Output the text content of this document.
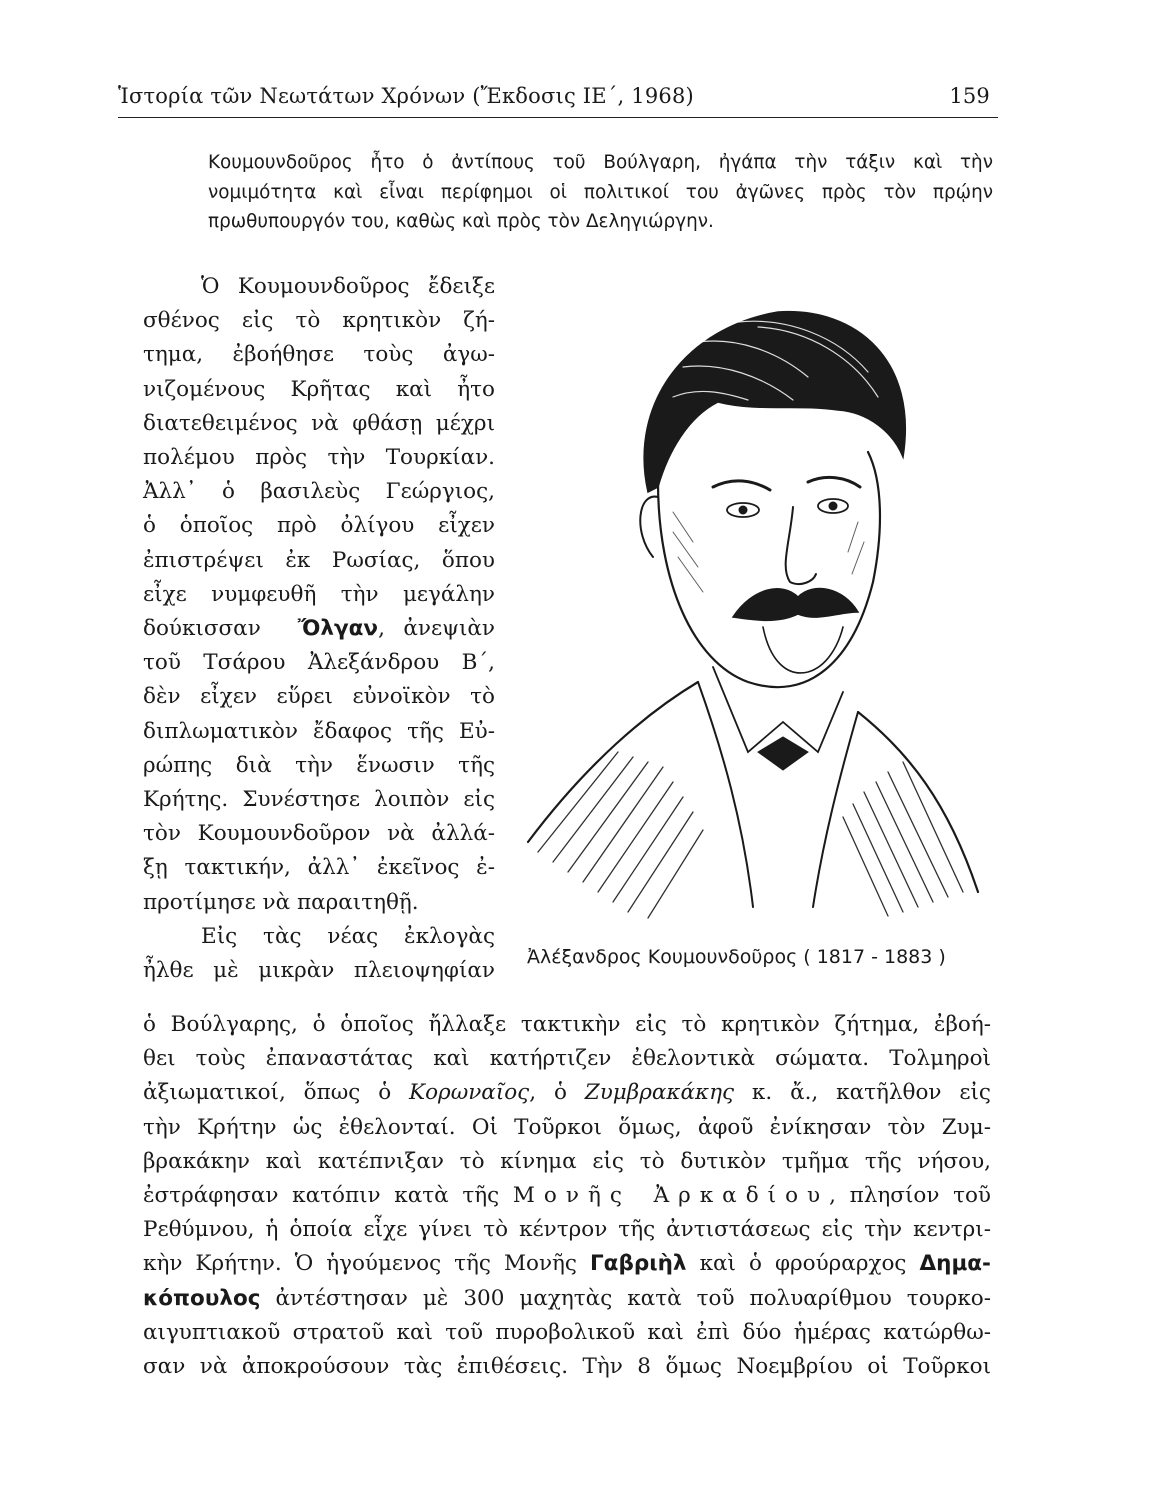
Ἱστορία τῶν Νεωτάτων Χρόνων (Ἔκδοσις ΙΕ΄, 1968)	159
Κουμουνδοῦρος ἦτο ὁ ἀντίπους τοῦ Βούλγαρη, ἠγάπα τὴν τάξιν καὶ τὴν
νομιμότητα καὶ εἶναι περίφημοι οἱ πολιτικοί του ἀγῶνες πρὸς τὸν πρῴην
πρωθυπουργόν του, καθὼς καὶ πρὸς τὸν Δεληγιώργην.
Ὁ Κουμουνδοῦρος ἔδειξε
σθένος εἰς τὸ κρητικὸν ζή-
τημα, ἐβοήθησε τοὺς ἀγω-
νιζομένους Κρῆτας καὶ ἦτο
διατεθειμένος νὰ φθάσῃ μέχρι
πολέμου πρὸς τὴν Τουρκίαν.
Ἀλλ᾽ ὁ βασιλεὺς Γεώργιος,
ὁ ὁποῖος πρὸ ὀλίγου εἶχεν
ἐπιστρέψει ἐκ Ρωσίας, ὅπου
εἶχε νυμφευθῆ τὴν μεγάλην
δούκισσαν Ὄλγαν, ἀνεψιὰν
τοῦ Τσάρου Ἀλεξάνδρου Β΄,
δὲν εἶχεν εὕρει εὐνοϊκὸν τὸ
διπλωματικὸν ἔδαφος τῆς Εὐ-
ρώπης διὰ τὴν ἕνωσιν τῆς
Κρήτης. Συνέστησε λοιπὸν εἰς
τὸν Κουμουνδοῦρον νὰ ἀλλά-
ξῃ τακτικήν, ἀλλ᾽ ἐκεῖνος ἐ-
προτίμησε νὰ παραιτηθῇ.
Εἰς τὰς νέας ἐκλογὰς
ἦλθε μὲ μικρὰν πλειοψηφίαν
Ἀλέξανδρος Κουμουνδοῦρος ( 1817 - 1883 )
ὁ Βούλγαρης, ὁ ὁποῖος ἤλλαξε τακτικὴν εἰς τὸ κρητικὸν ζήτημα, ἐβοή-
θει τοὺς ἐπαναστάτας καὶ κατήρτιζεν ἐθελοντικὰ σώματα. Τολμηροὶ
ἀξιωματικοί, ὅπως ὁ Κορωναῖος, ὁ Ζυμβρακάκης κ. ἄ., κατῆλθον εἰς
τὴν Κρήτην ὡς ἐθελονταί. Οἱ Τοῦρκοι ὅμως, ἀφοῦ ἐνίκησαν τὸν Ζυμ-
βρακάκην καὶ κατέπνιξαν τὸ κίνημα εἰς τὸ δυτικὸν τμῆμα τῆς νήσου,
ἐστράφησαν κατόπιν κατὰ τῆς Μονῆς Ἀρκαδίου, πλησίον τοῦ
Ρεθύμνου, ἡ ὁποία εἶχε γίνει τὸ κέντρον τῆς ἀντιστάσεως εἰς τὴν κεντρι-
κὴν Κρήτην. Ὁ ἡγούμενος τῆς Μονῆς Γαβριὴλ καὶ ὁ φρούραρχος Δημα-
κόπουλος ἀντέστησαν μὲ 300 μαχητὰς κατὰ τοῦ πολυαρίθμου τουρκο-
αιγυπτιακοῦ στρατοῦ καὶ τοῦ πυροβολικοῦ καὶ ἐπὶ δύο ἡμέρας κατώρθω-
σαν νὰ ἀποκρούσουν τὰς ἐπιθέσεις. Τὴν 8 ὅμως Νοεμβρίου οἱ Τοῦρκοι
